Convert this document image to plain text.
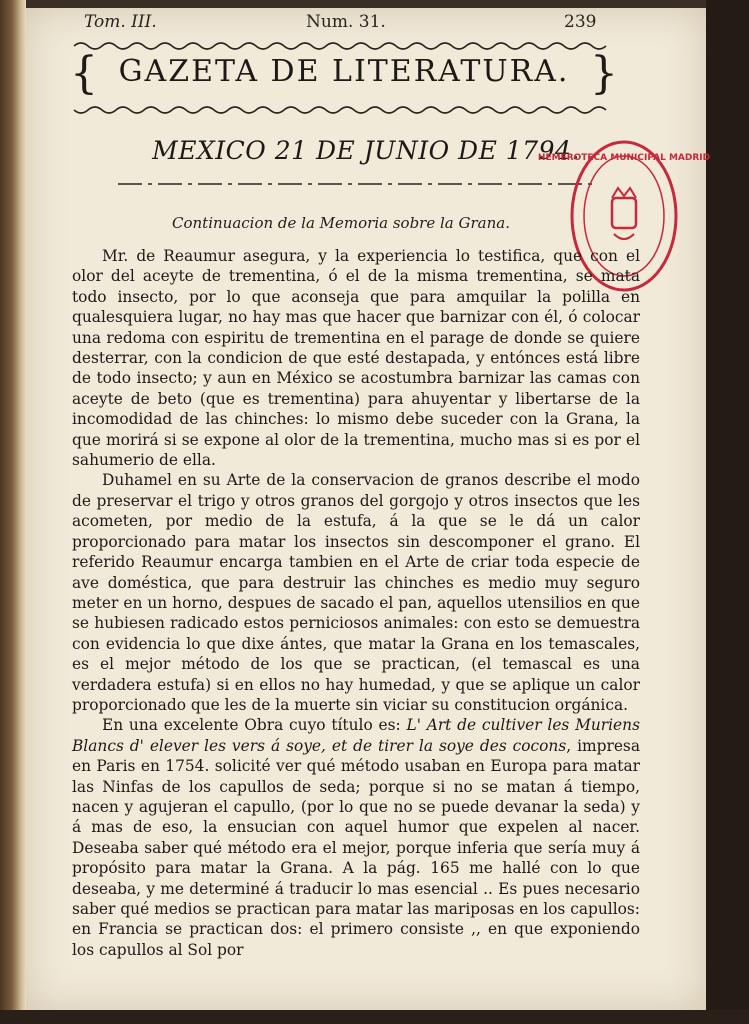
Tom. III.	Num. 31.	239
{ GAZETA DE LITERATURA. }
MEXICO 21 DE JUNIO DE 1794.
Continuacion de la Memoria sobre la Grana.
HEMEROTECA MUNICIPAL MADRID

Mr. de Reaumur asegura, y la experiencia lo testifica, que con el olor del aceyte de trementina, ó el de la misma trementina, se mata todo insecto, por lo que aconseja que para amquilar la polilla en qualesquiera lugar, no hay mas que hacer que barnizar con él, ó colocar una redoma con espiritu de trementina en el parage de donde se quiere desterrar, con la condicion de que esté destapada, y entónces está libre de todo insecto; y aun en México se acostumbra barnizar las camas con aceyte de beto (que es trementina) para ahuyentar y libertarse de la incomodidad de las chinches: lo mismo debe suceder con la Grana, la que morirá si se expone al olor de la trementina, mucho mas si es por el sahumerio de ella.

Duhamel en su Arte de la conservacion de granos describe el modo de preservar el trigo y otros granos del gorgojo y otros insectos que les acometen, por medio de la estufa, á la que se le dá un calor proporcionado para matar los insectos sin descomponer el grano. El referido Reaumur encarga tambien en el Arte de criar toda especie de ave doméstica, que para destruir las chinches es medio muy seguro meter en un horno, despues de sacado el pan, aquellos utensilios en que se hubiesen radicado estos perniciosos animales: con esto se demuestra con evidencia lo que dixe ántes, que matar la Grana en los temascales, es el mejor método de los que se practican, (el temascal es una verdadera estufa) si en ellos no hay humedad, y que se aplique un calor proporcionado que les de la muerte sin viciar su constitucion orgánica.

En una excelente Obra cuyo título es: L' Art de cultiver les Muriens Blancs d' elever les vers á soye, et de tirer la soye des cocons, impresa en Paris en 1754. solicité ver qué método usaban en Europa para matar las Ninfas de los capullos de seda; porque si no se matan á tiempo, nacen y agujeran el capullo, (por lo que no se puede devanar la seda) y á mas de eso, la ensucian con aquel humor que expelen al nacer. Deseaba saber qué método era el mejor, porque inferia que sería muy á propósito para matar la Grana. A la pág. 165 me hallé con lo que deseaba, y me determiné á traducir lo mas esencial .. Es pues necesario saber qué medios se practican para matar las mariposas en los capullos: en Francia se practican dos: el primero consiste ,, en que exponiendo los capullos al Sol por
